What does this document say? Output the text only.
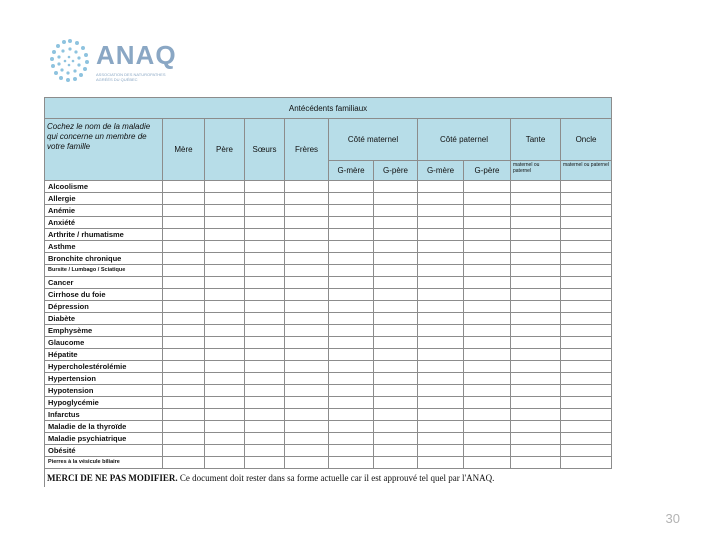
ANAQ
ASSOCIATION DES NATUROPATHES AGRÉÉS DU QUÉBEC
Antécédents familiaux										
Cochez le nom de la maladie qui concerne un membre de votre famille	Mère	Père	Sœurs	Frères	Côté maternel		Côté paternel		Tante	Oncle
					G-mère	G-père	G-mère	G-père	maternel ou paternel	maternel ou paternel
Alcoolisme										
Allergie										
Anémie										
Anxiété										
Arthrite / rhumatisme										
Asthme										
Bronchite chronique										
Bursite / Lumbago / Sciatique										
Cancer										
Cirrhose du foie										
Dépression										
Diabète										
Emphysème										
Glaucome										
Hépatite										
Hypercholestérolémie										
Hypertension										
Hypotension										
Hypoglycémie										
Infarctus										
Maladie de la thyroïde										
Maladie psychiatrique										
Obésité										
Pierres à la vésicule biliaire										
MERCI DE NE PAS MODIFIER. Ce document doit rester dans sa forme actuelle car il est approuvé tel quel par l'ANAQ.										
30
